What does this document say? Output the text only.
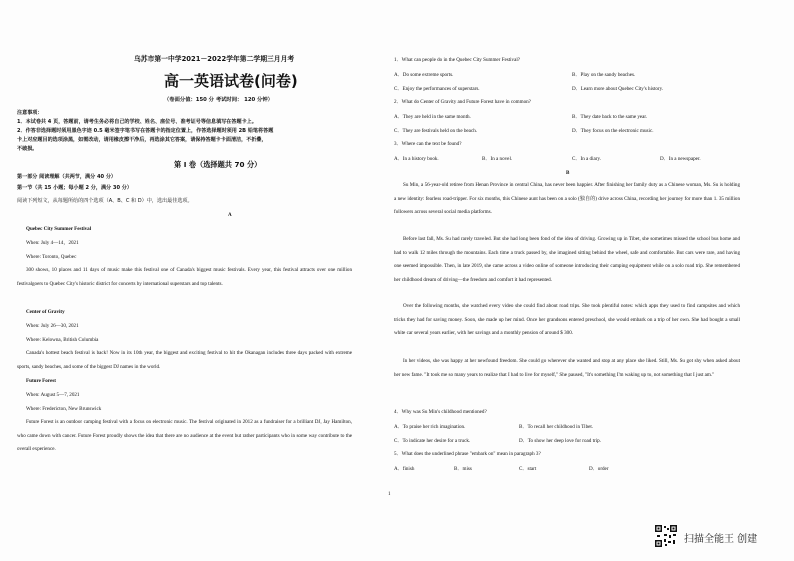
乌苏市第一中学2021－2022学年第二学期三月月考
高一英语试卷(问卷)
（卷面分值：150 分 考试时间： 120 分钟）
注意事项：
1．本试卷共 4 页，答题前，请考生务必将自己的学校、姓名、座位号、准考证号等信息填写在答题卡上。
2．作答非选择题时须用黑色字迹 0.5 毫米签字笔书写在答题卡的指定位置上，作答选择题时须用 2B 铅笔将答题
卡上对应题目的选项涂黑，如需改动，请用橡皮擦干净后，再选涂其它答案，请保持答题卡卡面清洁，不折叠，
不破损。
第 I 卷（选择题共 70 分）
第一部分 阅读理解（共两节，满分 40 分）
第一节（共 15 小题；每小题 2 分，满分 30 分）
阅读下列短文，从每题所给的四个选项（A、B、C 和 D）中，选出最佳选项。
A
Quebec City Summer Festival
When: July 4—14，2021
Where: Toronto, Quebec
300 shows, 10 places and 11 days of music make this festival one of Canada's biggest music festivals. Every year, this festival attracts over one million festivalgoers to Quebec City's historic district for concerts by international superstars and top talents.
Center of Gravity
When: July 26—30, 2021
Where: Kelowna, British Columbia
Canada's hottest beach festival is back! Now in its 10th year, the biggest and exciting festival to hit the Okanagan includes three days packed with extreme sports, sandy beaches, and some of the biggest DJ names in the world.
Future Forest
When: August 5—7, 2021
Where: Fredericton, New Brunswick
Future Forest is an outdoor camping festival with a focus on electronic music. The festival originated in 2012 as a fundraiser for a brilliant DJ, Jay Hamilton, who came down with cancer. Future Forest proudly shows the idea that there are no audience at the event but rather participants who in some way contribute to the overall experience.
1．What can people do in the Quebec City Summer Festival?
A．Do some extreme sports.	B．Play on the sandy beaches.
C．Enjoy the performances of superstars.	D．Learn more about Quebec City's history.
2．What do Center of Gravity and Future Forest have in common?
A．They are held in the same month.	B．They date back to the same year.
C．They are festivals held on the beach.	D．They focus on the electronic music.
3．Where can the text be found?
A．In a history book.	B．In a novel.	C．In a diary.	D．In a newspaper.
B
Su Min, a 56-year-old retiree from Henan Province in central China, has never been happier. After finishing her family duty as a Chinese woman, Ms. Su is holding a new identity: fearless road-tripper. For six months, this Chinese aunt has been on a solo (独自的) drive across China, recording her journey for more than 1. 35 million followers across several social media platforms.
Before last fall, Ms. Su had rarely traveled. But she had long been fond of the idea of driving. Growing up in Tibet, she sometimes missed the school bus home and had to walk 12 miles through the mountains. Each time a truck passed by, she imagined sitting behind the wheel, safe and comfortable. But cars were rare, and having one seemed impossible. Then, in late 2019, she came across a video online of someone introducing their camping equipment while on a solo road trip. She remembered her childhood dream of driving—the freedom and comfort it had represented.
Over the following months, she watched every video she could find about road trips. She took plentiful notes: which apps they used to find campsites and which tricks they had for saving money. Soon, she made up her mind. Once her grandsons entered preschool, she would embark on a trip of her own. She had bought a small white car several years earlier, with her savings and a monthly pension of around $ 300.
In her videos, she was happy at her newfound freedom. She could go wherever she wanted and stop at any place she liked. Still, Ms. Su got shy when asked about her new fame. "It took me so many years to realize that I had to live for myself," She paused, "It's something I'm waking up to, not something that I just am."
4．Why was Su Min's childhood mentioned?
A．To praise her rich imagination.	B．To recall her childhood in Tibet.
C．To indicate her desire for a truck.	D．To show her deep love for road trip.
5．What does the underlined phrase "embark on" mean in paragraph 3?
A．finish	B．miss	C．start	D．order
1
扫描全能王 创建
